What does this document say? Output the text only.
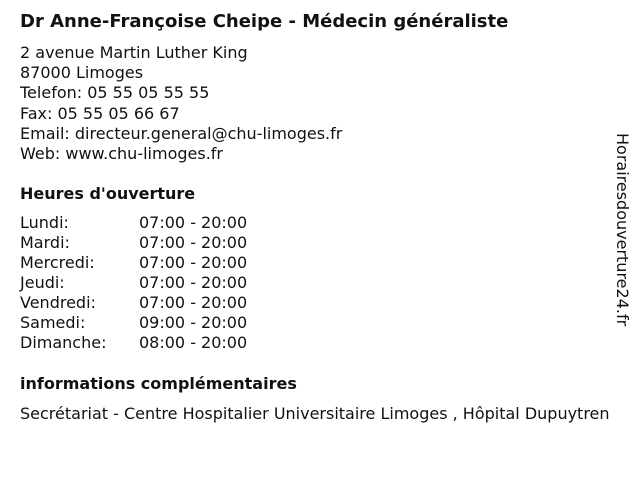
Dr Anne-Françoise Cheipe - Médecin généraliste
2 avenue Martin Luther King
87000 Limoges
Telefon: 05 55 05 55 55
Fax: 05 55 05 66 67
Email: directeur.general@chu-limoges.fr
Web: www.chu-limoges.fr
Heures d'ouverture
Lundi:	07:00 - 20:00
Mardi:	07:00 - 20:00
Mercredi:	07:00 - 20:00
Jeudi:	07:00 - 20:00
Vendredi:	07:00 - 20:00
Samedi:	09:00 - 20:00
Dimanche: 08:00 - 20:00
informations complémentaires
Secrétariat - Centre Hospitalier Universitaire Limoges , Hôpital Dupuytren
Horairesdouverture24.fr
